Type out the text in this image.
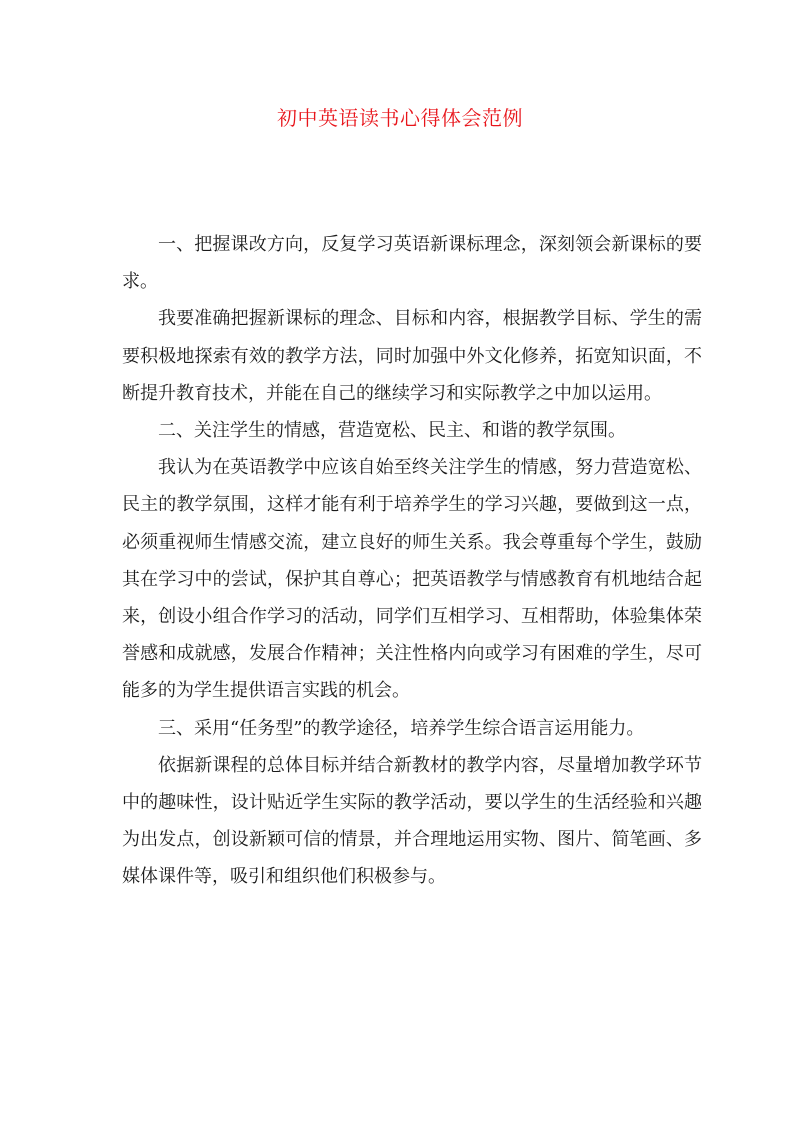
初中英语读书心得体会范例

一、把握课改方向，反复学习英语新课标理念，深刻领会新课标的要求。

我要准确把握新课标的理念、目标和内容，根据教学目标、学生的需要积极地探索有效的教学方法，同时加强中外文化修养，拓宽知识面，不断提升教育技术，并能在自己的继续学习和实际教学之中加以运用。

二、关注学生的情感，营造宽松、民主、和谐的教学氛围。

我认为在英语教学中应该自始至终关注学生的情感，努力营造宽松、民主的教学氛围，这样才能有利于培养学生的学习兴趣，要做到这一点，必须重视师生情感交流，建立良好的师生关系。我会尊重每个学生，鼓励其在学习中的尝试，保护其自尊心；把英语教学与情感教育有机地结合起来，创设小组合作学习的活动，同学们互相学习、互相帮助，体验集体荣誉感和成就感，发展合作精神；关注性格内向或学习有困难的学生，尽可能多的为学生提供语言实践的机会。

三、采用“任务型”的教学途径，培养学生综合语言运用能力。

依据新课程的总体目标并结合新教材的教学内容，尽量增加教学环节中的趣味性，设计贴近学生实际的教学活动，要以学生的生活经验和兴趣为出发点，创设新颖可信的情景，并合理地运用实物、图片、简笔画、多媒体课件等，吸引和组织他们积极参与。
